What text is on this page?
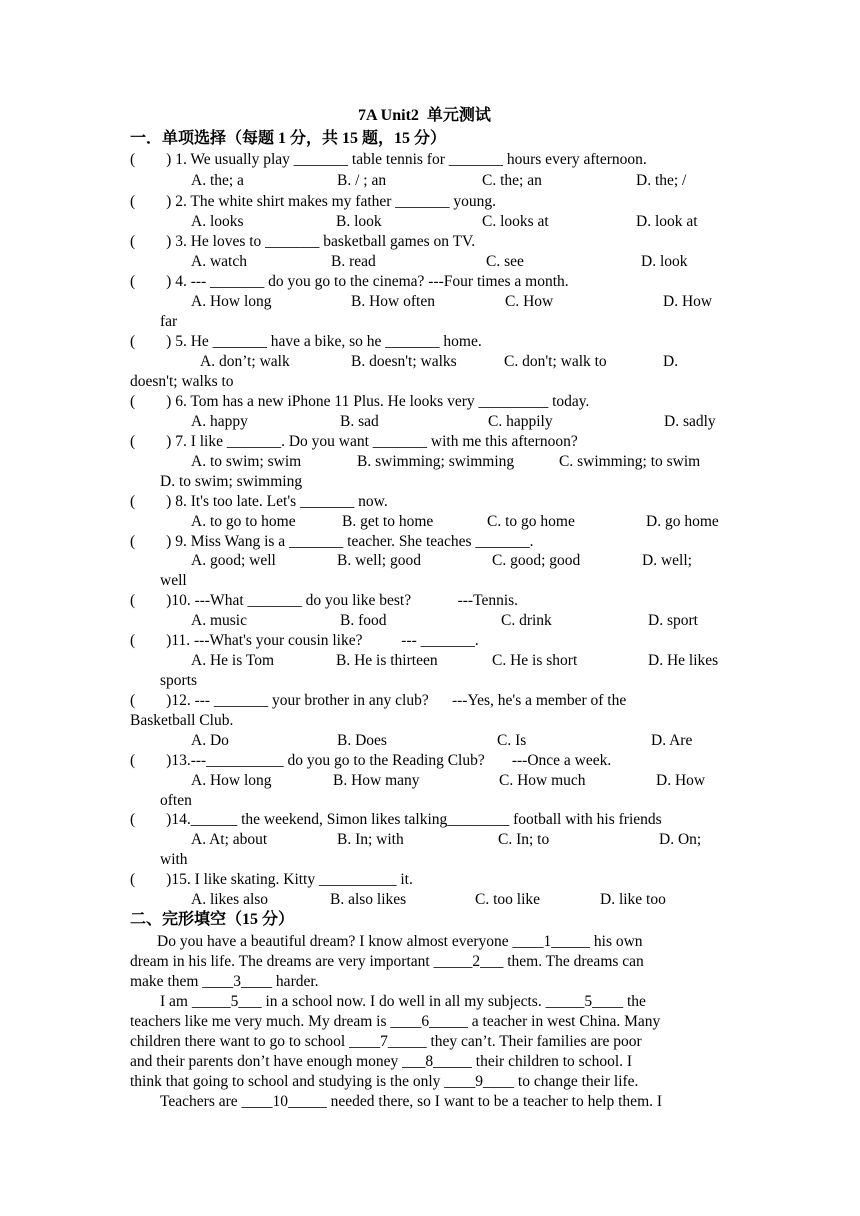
7A Unit2  单元测试
一．单项选择（每题 1 分，共 15 题，15 分）
(        ) 1. We usually play _______ table tennis for _______ hours every afternoon.
A. the; a	B. / ; an	C. the; an	D. the; /
(        ) 2. The white shirt makes my father _______ young.
A. looks	B. look	C. looks at	D. look at
(        ) 3. He loves to _______ basketball games on TV.
A. watch	B. read	C. see	D. look
(        ) 4. --- _______ do you go to the cinema? ---Four times a month.
A. How long	B. How often	C. How	D. How
far
(        ) 5. He _______ have a bike, so he _______ home.
A. don’t; walk	B. doesn't; walks	C. don't; walk to	D.
doesn't; walks to
(        ) 6. Tom has a new iPhone 11 Plus. He looks very _________ today.
A. happy	B. sad	C. happily	D. sadly
(        ) 7. I like _______. Do you want _______ with me this afternoon?
A. to swim; swim	B. swimming; swimming	C. swimming; to swim
D. to swim; swimming
(        ) 8. It's too late. Let's _______ now.
A. to go to home	B. get to home	C. to go home	D. go home
(        ) 9. Miss Wang is a _______ teacher. She teaches _______.
A. good; well	B. well; good	C. good; good	D. well;
well
(        )10. ---What _______ do you like best?            ---Tennis.
A. music	B. food	C. drink	D. sport
(        )11. ---What's your cousin like?          --- _______.
A. He is Tom	B. He is thirteen	C. He is short	D. He likes
sports
(        )12. --- _______ your brother in any club?      ---Yes, he's a member of the
Basketball Club.
A. Do	B. Does	C. Is	D. Are
(        )13.---__________ do you go to the Reading Club?       ---Once a week.
A. How long	B. How many	C. How much	D. How
often
(        )14.______ the weekend, Simon likes talking________ football with his friends
A. At; about	B. In; with	C. In; to	D. On;
with
(        )15. I like skating. Kitty __________ it.
A. likes also	B. also likes	C. too like	D. like too
二、完形填空（15 分）
Do you have a beautiful dream? I know almost everyone ____1_____ his own
dream in his life. The dreams are very important _____2___ them. The dreams can
make them ____3____ harder.
I am _____5___ in a school now. I do well in all my subjects. _____5____ the
teachers like me very much. My dream is ____6_____ a teacher in west China. Many
children there want to go to school ____7_____ they can’t. Their families are poor
and their parents don’t have enough money ___8_____ their children to school. I
think that going to school and studying is the only ____9____ to change their life.
Teachers are ____10_____ needed there, so I want to be a teacher to help them. I
